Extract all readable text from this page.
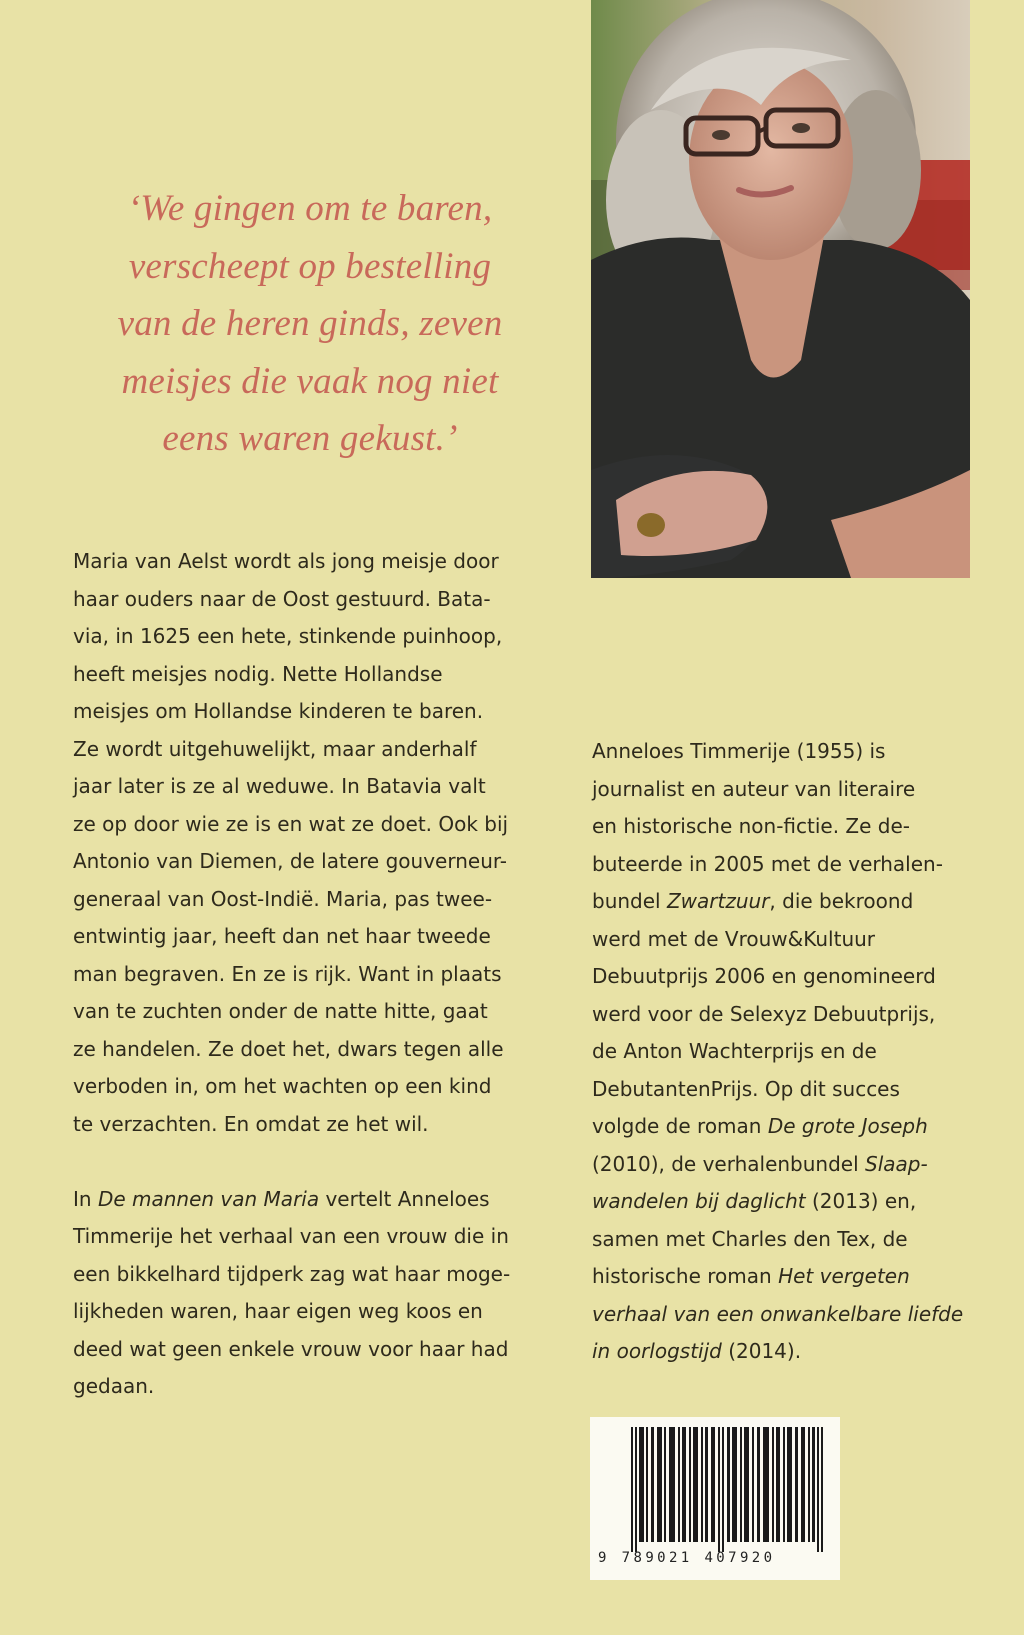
‘We gingen om te baren,
verscheept op bestelling
van de heren ginds, zeven
meisjes die vaak nog niet
eens waren gekust.’
Maria van Aelst wordt als jong meisje door
haar ouders naar de Oost gestuurd. Bata-
via, in 1625 een hete, stinkende puinhoop,
heeft meisjes nodig. Nette Hollandse
meisjes om Hollandse kinderen te baren.
Ze wordt uitgehuwelijkt, maar anderhalf
jaar later is ze al weduwe. In Batavia valt
ze op door wie ze is en wat ze doet. Ook bij
Antonio van Diemen, de latere gouverneur-
generaal van Oost-Indië. Maria, pas twee-
entwintig jaar, heeft dan net haar tweede
man begraven. En ze is rijk. Want in plaats
van te zuchten onder de natte hitte, gaat
ze handelen. Ze doet het, dwars tegen alle
verboden in, om het wachten op een kind
te verzachten. En omdat ze het wil.
In De mannen van Maria vertelt Anneloes
Timmerije het verhaal van een vrouw die in
een bikkelhard tijdperk zag wat haar moge-
lijkheden waren, haar eigen weg koos en
deed wat geen enkele vrouw voor haar had
gedaan.
Anneloes Timmerije (1955) is
journalist en auteur van literaire
en historische non-fictie. Ze de-
buteerde in 2005 met de verhalen-
bundel Zwartzuur, die bekroond
werd met de Vrouw&Kultuur
Debuutprijs 2006 en genomineerd
werd voor de Selexyz Debuutprijs,
de Anton Wachterprijs en de
DebutantenPrijs. Op dit succes
volgde de roman De grote Joseph
(2010), de verhalenbundel Slaap-
wandelen bij daglicht (2013) en,
samen met Charles den Tex, de
historische roman Het vergeten
verhaal van een onwankelbare liefde
in oorlogstijd (2014).
9 789021 407920
